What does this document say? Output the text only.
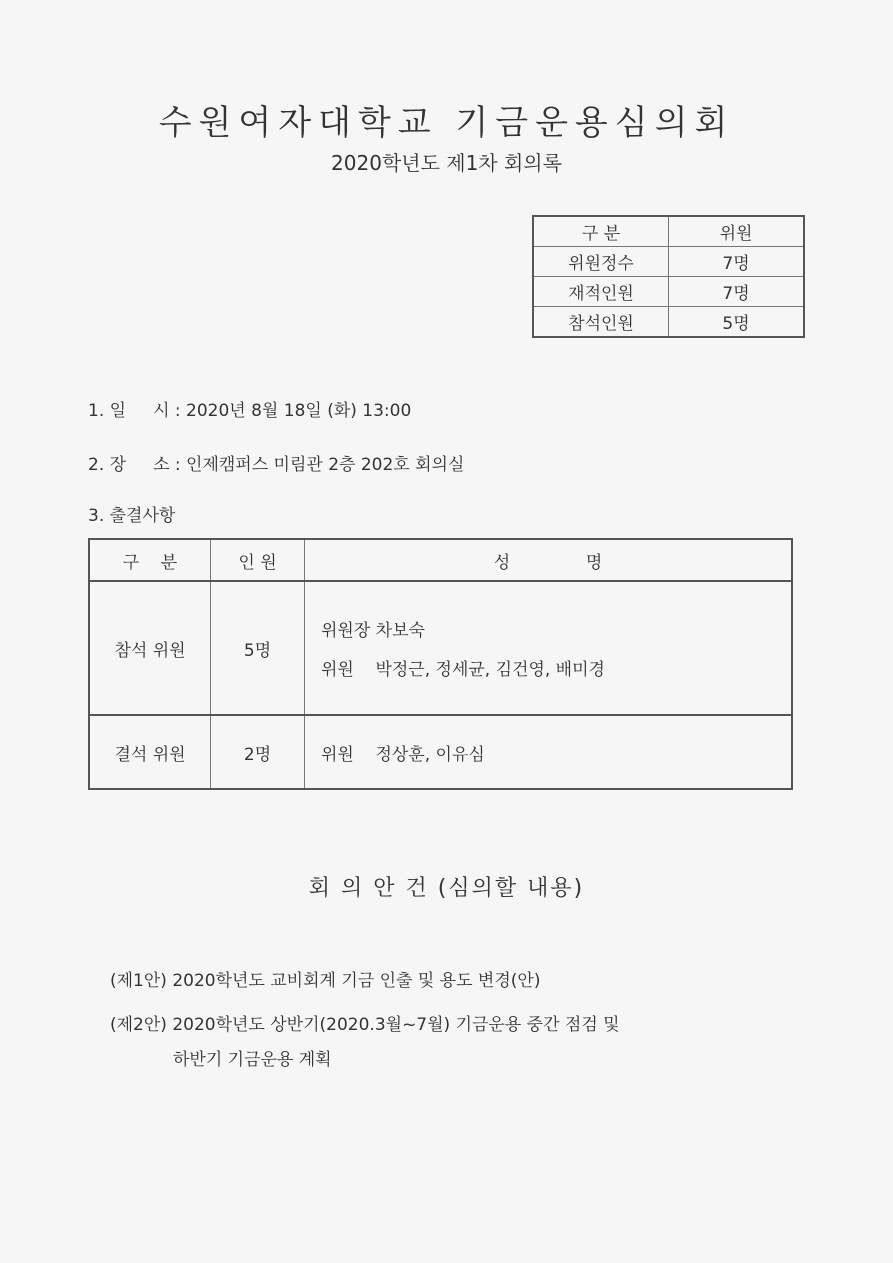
수원여자대학교 기금운용심의회
2020학년도 제1차 회의록
구 분	위원
위원정수	7명
재적인원	7명
참석인원	5명
1. 일     시 : 2020년 8월 18일 (화) 13:00
2. 장     소 : 인제캠퍼스 미림관 2층 202호 회의실
3. 출결사항
구    분	인 원	성              명
참석 위원	5명	위원장 차보숙
위원    박정근, 정세균, 김건영, 배미경

결석 위원	2명	위원    정상훈, 이유심
회 의 안 건 (심의할 내용)
(제1안) 2020학년도 교비회계 기금 인출 및 용도 변경(안)
(제2안) 2020학년도 상반기(2020.3월~7월) 기금운용 중간 점검 및
하반기 기금운용 계획
